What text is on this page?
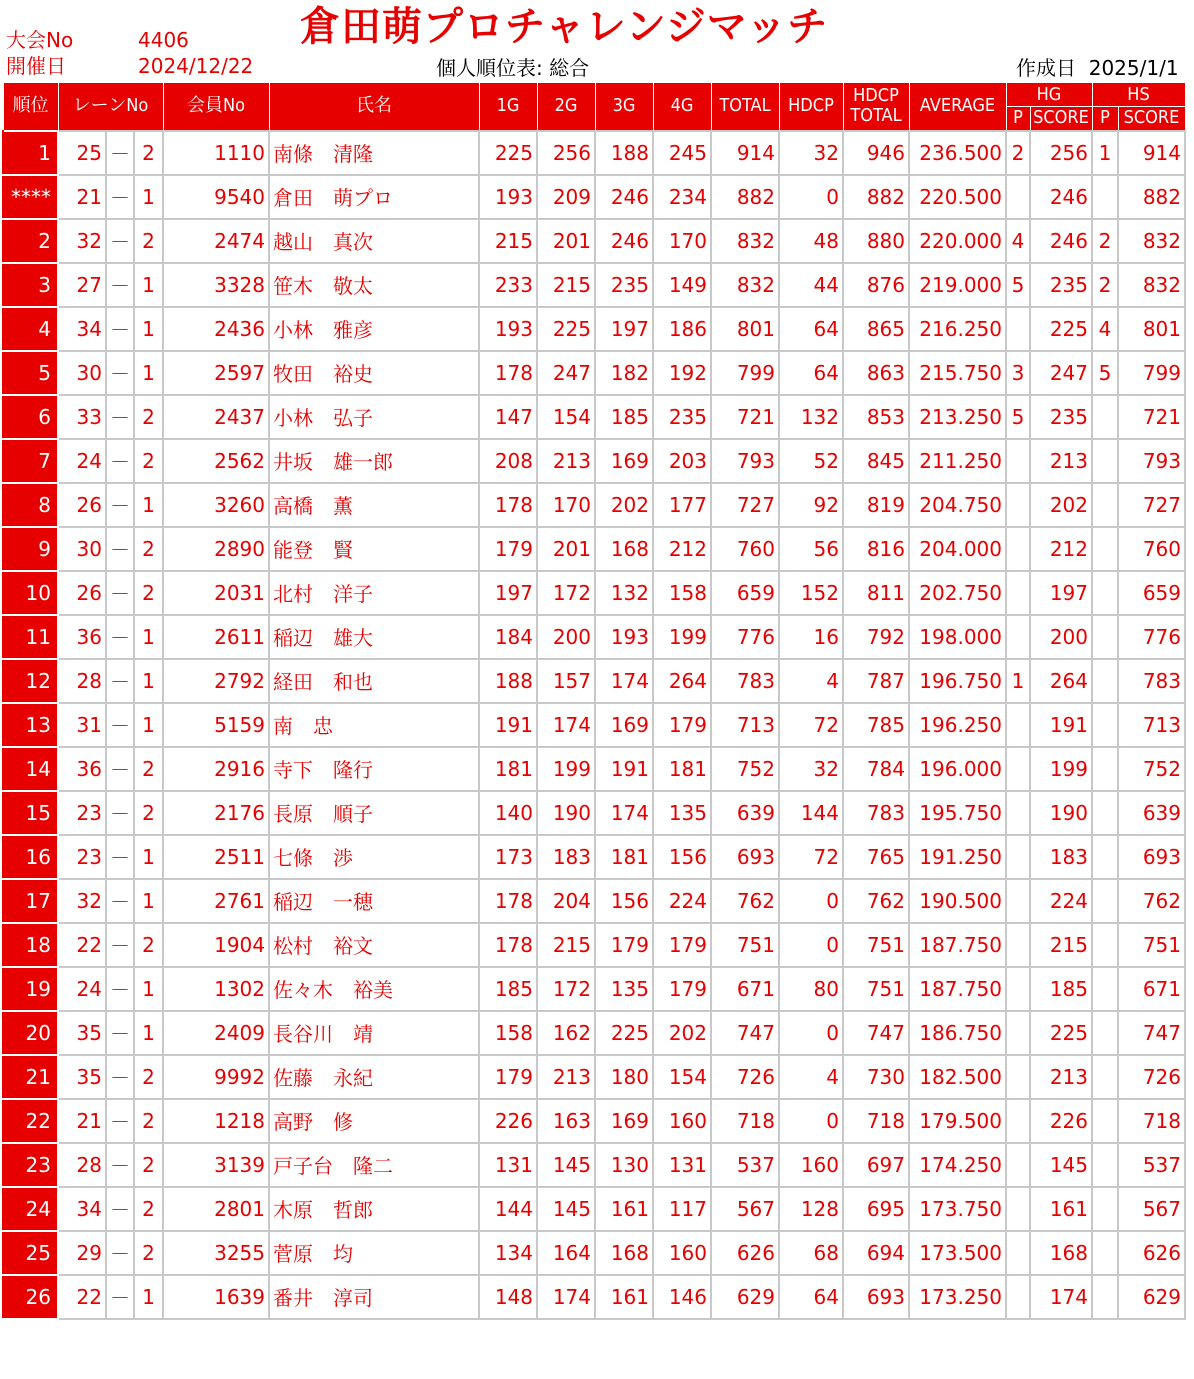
大会No	4406
開催日	2024/12/22
倉田萌プロチャレンジマッチ
個人順位表: 総合	作成日 2025/1/1
順位	レーンNo			会員No	氏名	1G	2G	3G	4G	TOTAL	HDCP	HDCP
TOTAL	AVERAGE	HG		HS	
														P	SCORE	P	SCORE
1	25	－	2	1110	南條　清隆	225	256	188	245	914	32	946	236.500	2	256	1	914
****	21	－	1	9540	倉田　萌プロ	193	209	246	234	882	0	882	220.500		246		882
2	32	－	2	2474	越山　真次	215	201	246	170	832	48	880	220.000	4	246	2	832
3	27	－	1	3328	笹木　敬太	233	215	235	149	832	44	876	219.000	5	235	2	832
4	34	－	1	2436	小林　雅彦	193	225	197	186	801	64	865	216.250		225	4	801
5	30	－	1	2597	牧田　裕史	178	247	182	192	799	64	863	215.750	3	247	5	799
6	33	－	2	2437	小林　弘子	147	154	185	235	721	132	853	213.250	5	235		721
7	24	－	2	2562	井坂　雄一郎	208	213	169	203	793	52	845	211.250		213		793
8	26	－	1	3260	高橋　薫	178	170	202	177	727	92	819	204.750		202		727
9	30	－	2	2890	能登　賢	179	201	168	212	760	56	816	204.000		212		760
10	26	－	2	2031	北村　洋子	197	172	132	158	659	152	811	202.750		197		659
11	36	－	1	2611	稲辺　雄大	184	200	193	199	776	16	792	198.000		200		776
12	28	－	1	2792	経田　和也	188	157	174	264	783	4	787	196.750	1	264		783
13	31	－	1	5159	南　忠	191	174	169	179	713	72	785	196.250		191		713
14	36	－	2	2916	寺下　隆行	181	199	191	181	752	32	784	196.000		199		752
15	23	－	2	2176	長原　順子	140	190	174	135	639	144	783	195.750		190		639
16	23	－	1	2511	七條　渉	173	183	181	156	693	72	765	191.250		183		693
17	32	－	1	2761	稲辺　一穂	178	204	156	224	762	0	762	190.500		224		762
18	22	－	2	1904	松村　裕文	178	215	179	179	751	0	751	187.750		215		751
19	24	－	1	1302	佐々木　裕美	185	172	135	179	671	80	751	187.750		185		671
20	35	－	1	2409	長谷川　靖	158	162	225	202	747	0	747	186.750		225		747
21	35	－	2	9992	佐藤　永紀	179	213	180	154	726	4	730	182.500		213		726
22	21	－	2	1218	高野　修	226	163	169	160	718	0	718	179.500		226		718
23	28	－	2	3139	戸子台　隆二	131	145	130	131	537	160	697	174.250		145		537
24	34	－	2	2801	木原　哲郎	144	145	161	117	567	128	695	173.750		161		567
25	29	－	2	3255	菅原　均	134	164	168	160	626	68	694	173.500		168		626
26	22	－	1	1639	番井　淳司	148	174	161	146	629	64	693	173.250		174		629
